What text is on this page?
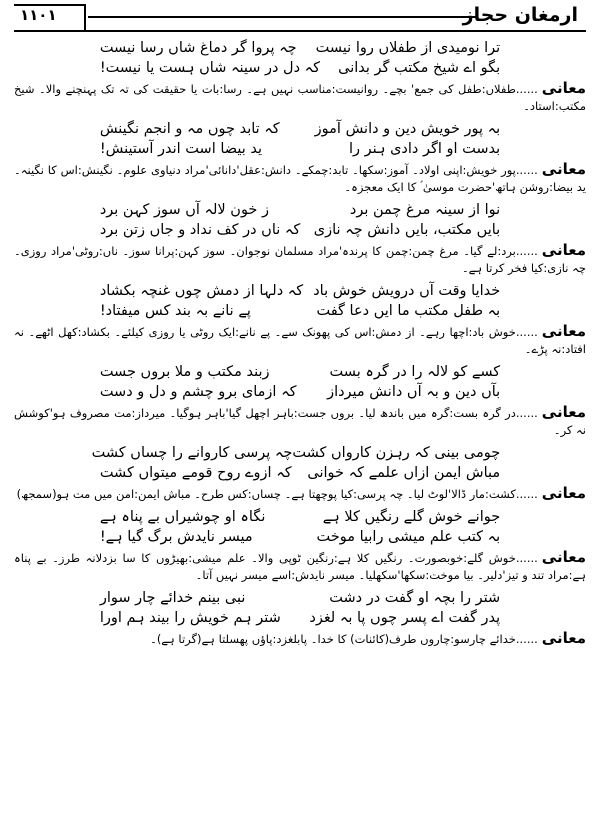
۱۱۰۱	ارمغان حجاز
ترا نومیدی از طفلاں روا نیست
چہ پروا گر دماغ شاں رسا نیست
بگو اے شیخ مکتب گر بدانی
کہ دل در سینہ شاں ہست یا نیست!
معانی......طفلاں:طفل کی جمع' بچے۔ روانیست:مناسب نہیں ہے۔ رسا:بات یا حقیقت کی تہ تک پہنچنے والا۔ شیخ مکتب:استاد۔
بہ پور خویش دین و دانش آموز
کہ تابد چوں مہ و انجم نگینش
بدست او اگر دادی ہنر را
ید بیضا است اندر آستینش!
معانی......پور خویش:اپنی اولاد۔ آموز:سکھا۔ تابد:چمکے۔ دانش:عقل'دانائی'مراد دنیاوی علوم۔ نگینش:اس کا نگینہ۔ ید بیضا:روشن ہاتھ'حضرت موسیٰ ؑ کا ایک معجزہ۔
نوا از سینہ مرغ چمن برد
ز خون لالہ آں سوز کہن برد
بایں مکتب، بایں دانش چہ نازی
کہ ناں در کف نداد و جاں زتن برد
معانی......برد:لے گیا۔ مرغ چمن:چمن کا پرندہ'مراد مسلمان نوجوان۔ سوز کہن:پرانا سوز۔ ناں:روٹی'مراد روزی۔ چہ نازی:کیا فخر کرتا ہے۔
خدایا وقت آں درویش خوش باد
کہ دلہا از دمش چوں غنچہ بکشاد
بہ طفل مکتب ما ایں دعا گفت
پے نانے بہ بند کس میفتاد!
معانی......خوش باد:اچھا رہے۔ از دمش:اس کی پھونک سے۔ پے نانے:ایک روٹی یا روزی کیلئے۔ بکشاد:کھل اٹھے۔ نہ افتاد:نہ پڑے۔
کسے کو لالہ را در گرہ بست
زبند مکتب و ملا بروں جست
بآں دین و بہ آں دانش میرداز
کہ ازمای برو چشم و دل و دست
معانی......در گرہ بست:گرہ میں باندھ لیا۔ بروں جست:باہر اچھل گیا'باہر ہوگیا۔ میرداز:مت مصروف ہو'کوشش نہ کر۔
چومی بینی کہ رہزن کارواں کشت
چہ پرسی کاروانے را چساں کشت
مباش ایمن ازاں علمے کہ خوانی
کہ ازوے روح قومے میتواں کشت
معانی......کشت:مار ڈالا'لوٹ لیا۔ چہ پرسی:کیا پوچھتا ہے۔ چساں:کس طرح۔ مباش ایمن:امن میں مت ہو(سمجھ)
جوانے خوش گلے رنگیں کلا ہے
نگاہ او چوشیراں بے پناہ ہے
بہ کتب علم میشی رابیا موخت
میسر نایدش برگ گیا ہے!
معانی......خوش گلے:خوبصورت۔ رنگیں کلا ہے:رنگین ٹوپی والا۔ علم میشی:بھیڑوں کا سا بزدلانہ طرز۔ بے پناہ ہے:مراد تند و تیز'دلیر۔ بیا موخت:سکھا'سکھلیا۔ میسر نایدش:اسے میسر نہیں آتا۔
شتر را بچہ او گفت در دشت
نبی بینم خدائے چار سوار
پدر گفت اے پسر چوں پا بہ لغزد
شتر ہم خویش را بیند ہم اورا
معانی......خدائے چارسو:چاروں طرف(کائنات) کا خدا۔ پابلغزد:پاؤں پھسلتا ہے(گرتا ہے)۔
